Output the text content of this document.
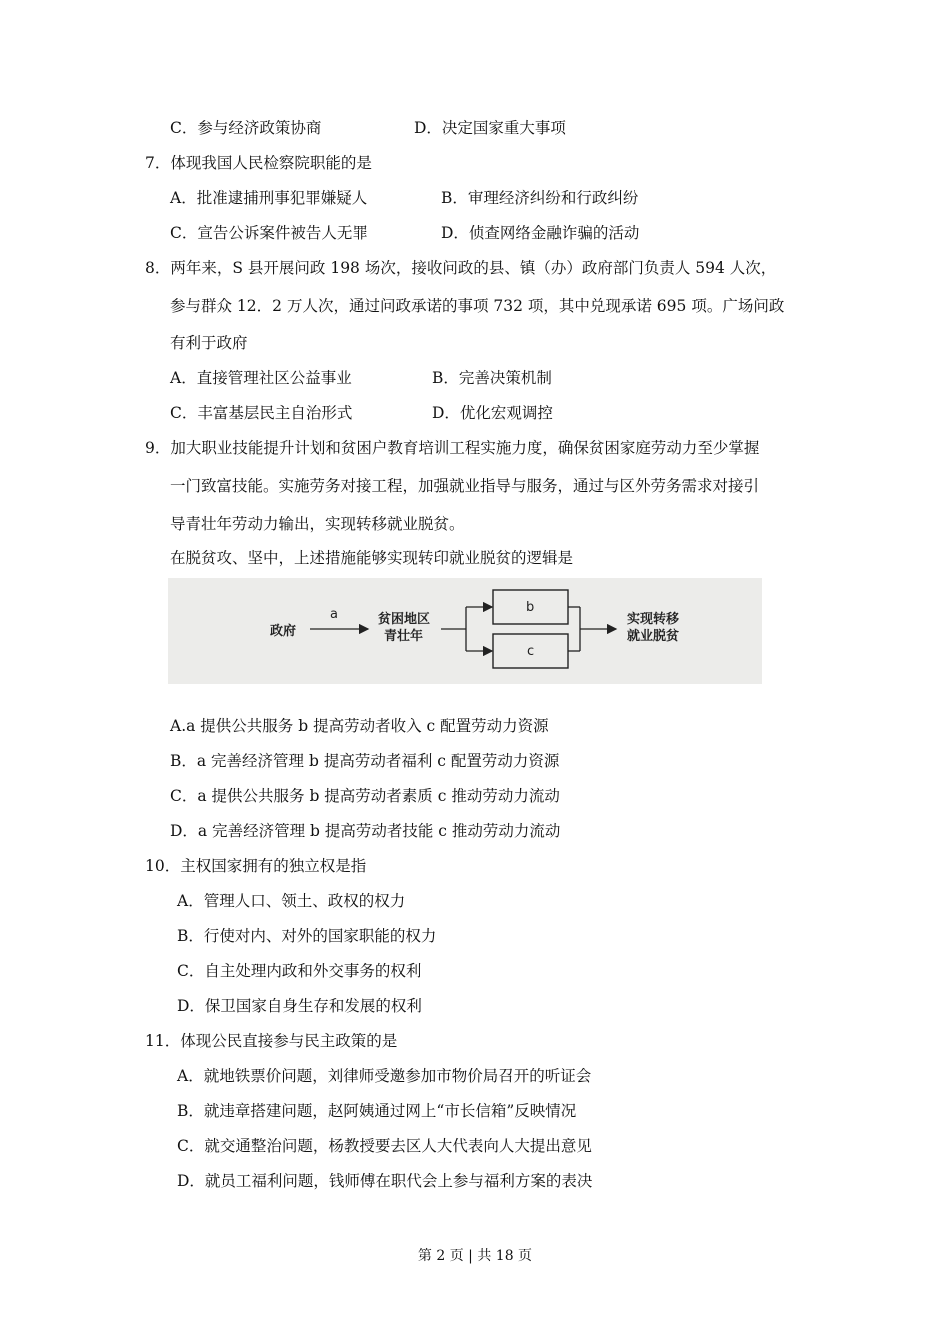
C．参与经济政策协商	D．决定国家重大事项
7．体现我国人民检察院职能的是
A．批准逮捕刑事犯罪嫌疑人	B．审理经济纠纷和行政纠纷
C．宣告公诉案件被告人无罪	D．侦查网络金融诈骗的活动
8．两年来，S 县开展问政 198 场次，接收问政的县、镇（办）政府部门负责人 594 人次，
参与群众 12．2 万人次，通过问政承诺的事项 732 项，其中兑现承诺 695 项。广场问政
有利于政府
A．直接管理社区公益事业	B．完善决策机制
C．丰富基层民主自治形式	D．优化宏观调控
9．加大职业技能提升计划和贫困户教育培训工程实施力度，确保贫困家庭劳动力至少掌握
一门致富技能。实施劳务对接工程，加强就业指导与服务，通过与区外劳务需求对接引
导青壮年劳动力输出，实现转移就业脱贫。
在脱贫攻、坚中，上述措施能够实现转印就业脱贫的逻辑是
政府
a	贫困地区
青壮年
b
c
实现转移
就业脱贫
A.a 提供公共服务 b 提高劳动者收入 c 配置劳动力资源
B．a 完善经济管理 b 提高劳动者福利 c 配置劳动力资源
C．a 提供公共服务 b 提高劳动者素质 c 推动劳动力流动
D．a 完善经济管理 b 提高劳动者技能 c 推动劳动力流动
10．主权国家拥有的独立权是指
A．管理人口、领土、政权的权力
B．行使对内、对外的国家职能的权力
C．自主处理内政和外交事务的权利
D．保卫国家自身生存和发展的权利
11．体现公民直接参与民主政策的是
A．就地铁票价问题，刘律师受邀参加市物价局召开的听证会
B．就违章搭建问题，赵阿姨通过网上“市长信箱”反映情况
C．就交通整治问题，杨教授要去区人大代表向人大提出意见
D．就员工福利问题，钱师傅在职代会上参与福利方案的表决
第 2 页 | 共 18 页
